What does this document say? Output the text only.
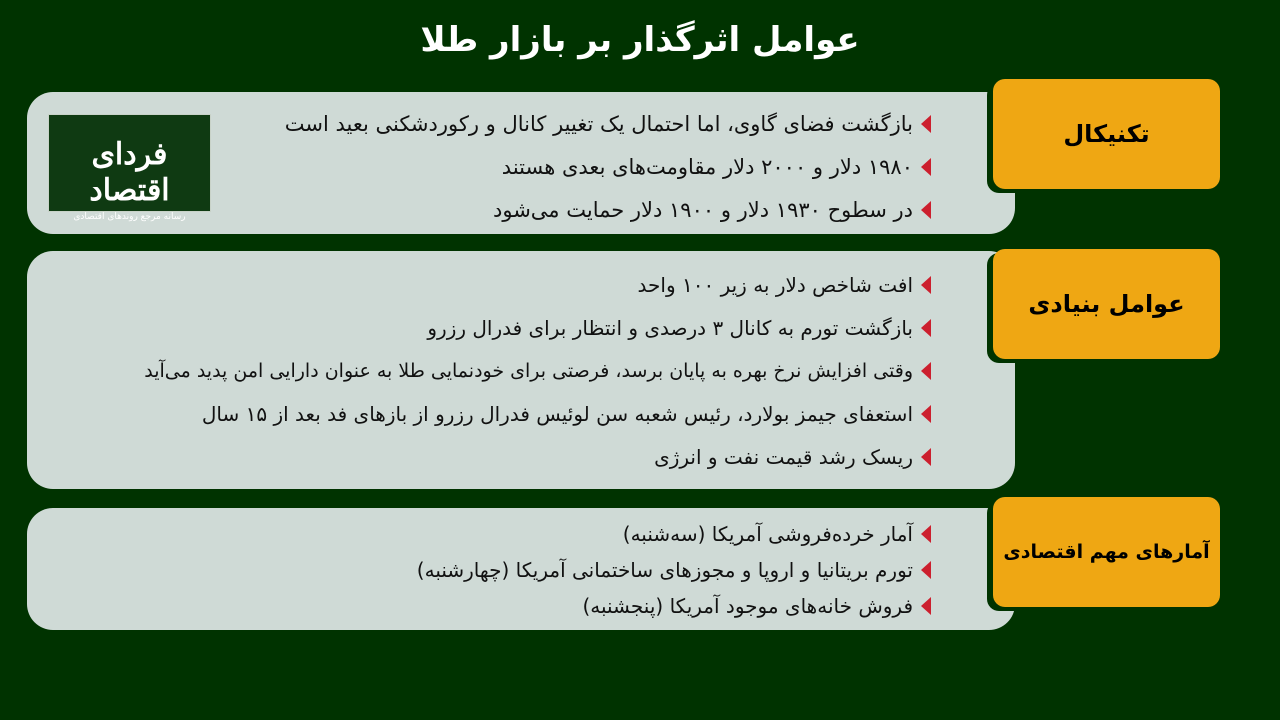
عوامل اثرگذار بر بازار طلا
بازگشت فضای گاوی، اما احتمال یک تغییر کانال و رکوردشکنی بعید است
۱۹۸۰ دلار و ۲۰۰۰ دلار مقاومت‌های بعدی هستند
در سطوح ۱۹۳۰ دلار و ۱۹۰۰ دلار حمایت می‌شود
فردای اقتصاد
رسانه مرجع روندهای اقتصادی
تکنیکال
افت شاخص دلار به زیر ۱۰۰ واحد
بازگشت تورم به کانال ۳ درصدی و انتظار برای فدرال رزرو
وقتی افزایش نرخ بهره به پایان برسد، فرصتی برای خودنمایی طلا به عنوان دارایی امن پدید می‌آید
استعفای جیمز بولارد، رئیس شعبه سن لوئیس فدرال رزرو از بازهای فد بعد از ۱۵ سال
ریسک رشد قیمت نفت و انرژی
عوامل بنیادی
آمار خرده‌فروشی آمریکا (سه‌شنبه)
تورم بریتانیا و اروپا و مجوزهای ساختمانی آمریکا (چهارشنبه)
فروش خانه‌های موجود آمریکا (پنجشنبه)
آمارهای مهم اقتصادی
